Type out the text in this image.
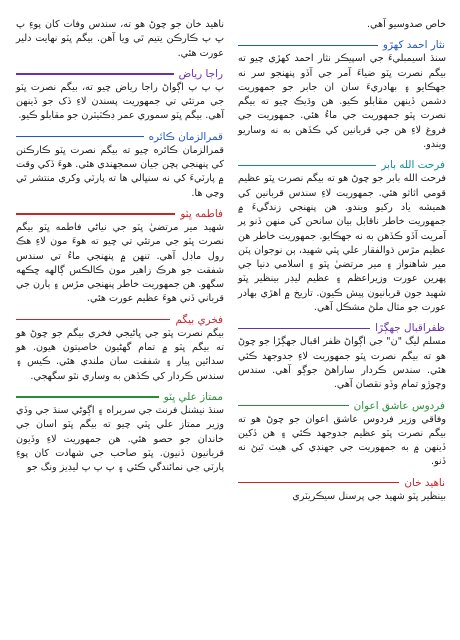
خاص صدوسيو آهي.

نثار احمد کهڙو

سنڌ اسيمبليءَ جي اسپيڪر نثار احمد کهڙي چيو ته بيگم نصرت ڀٽو ضياءَ آمر جي آڏو پنهنجو سر نه جهڪايو ۽ بهادريءَ سان ان جابر جو جمهوريت دشمن ڏينهن مقابلو ڪيو. هن وڌيڪ چيو ته بيگم نصرت ڀٽو جمهوريت جي ماءُ هئي. جمهوريت جي فروغ لاءِ هن جي قربانين کي ڪڏهن به نه وساريو ويندو.

فرحت الله بابر

فرحت الله بابر جو چوڻ هو ته بيگم نصرت ڀٽو عظيم قومي اثاثو هئي. جمهوريت لاءِ سندس قربانين کي هميشه ياد رکيو ويندو. هن پنهنجي زندگيءَ ۾ جمهوريت خاطر ناقابل بيان سانحن کي منهن ڏنو پر آمريت آڏو ڪڏهن به نه جهڪايو. جمهوريت خاطر هن عظيم مڙس ذوالفقار علي ڀٽي شهيد، ٻن نوجوان پٽن مير شاهنواز ۽ مير مرتضيٰ ڀٽو ۽ اسلامي دنيا جي پهرين عورت وزيراعظم ۽ عظيم ليڊر بينظير ڀٽو شهيد جون قربانيون پيش ڪيون. تاريخ ۾ اهڙي بهادر عورت جو مثال ملڻ مشڪل آهي.

ظفراقبال جهڳڙا

مسلم ليگ "ن" جي اڳواڻ ظفر اقبال جهڳڙا جو چوڻ هو ته بيگم نصرت ڀٽو جمهوريت لاءِ جدوجهد ڪئي هئي. سندس ڪردار ساراهڻ جوڳو آهي. سندس وڇوڙو تمام وڏو نقصان آهي.

فردوس عاشق اعوان

وفاقي وزير فردوس عاشق اعوان جو چوڻ هو ته بيگم نصرت ڀٽو عظيم جدوجهد ڪئي ۽ هن ڏکين ڏينهن ۾ به جمهوريت جي جهنڊي کي هيٺ ٿيڻ نه ڏنو.

ناهيد خان

بينظير ڀٽو شهيد جي پرسنل سيڪريٽري

ناهيد خان جو چوڻ هو ته، سندس وفات کان پوءِ پ ڀ پ ڪارڪن يتيم ٿي ويا آهن. بيگم ڀٽو نهايت دلير عورت هئي.

راجا رياض

پ پ پ اڳواڻ راجا رياض چيو ته، بيگم نصرت ڀٽو جي مرتئي تي جمهوريت پسندن لاءِ ڏک جو ڏينهن آهي. بيگم ڀٽو سموري عمر ڊڪٽيٽرن جو مقابلو ڪيو.

قمرالزمان ڪائره

قمرالزمان ڪائره چيو ته بيگم نصرت ڀٽو ڪارڪنن کي پنهنجي ٻچن جيان سمجهندي هئي. هوءَ ڏکي وقت ۾ پارٽيءَ کي نه سنڀالي ها ته پارٽي وکري منتشر ٿي وڃي ها.

فاطمه ڀٽو

شهيد مير مرتضيٰ ڀٽو جي نياڻي فاطمه ڀٽو بيگم نصرت ڀٽو جي مرتئي تي چيو ته هوءَ مون لاءِ هڪ رول ماڊل آهي. تنهن ۾ پنهنجي ماءُ تي سندس شفقت جو هرڪ زاهير مون ڪالڪس ڳالهه ڇڪهه سگهو. هن جمهوريت خاطر پنهنجي مڙس ۽ ٻارن جي قرباني ڏني هوءَ عظيم عورت هئي.

فخري بيگم

بيگم نصرت ڀٽو جي ڀاڻيجي فخري بيگم جو چوڻ هو ته بيگم ڀٽو ۾ تمام گهڻيون خاصيتون هيون. هو سدائين پيار ۽ شفقت سان ملندي هئي. ڪيس ۽ سندس ڪردار کي ڪڏهن به وساري نٿو سگهجي.

ممتاز علي ڀٽو

سنڌ نيشنل فرنٽ جي سربراه ۽ اڳوڻي سنڌ جي وڏي وزير ممتاز علي ڀٽي چيو ته بيگم ڀٽو اسان جي خاندان جو حصو هئي. هن جمهوريت لاءِ وڏيون قربانيون ڏنيون. ڀٽو صاحب جي شهادت کان پوءِ پارٽي جي نمائندگي ڪئي ۽ پ پ پ ليڊيز ونگ جو
